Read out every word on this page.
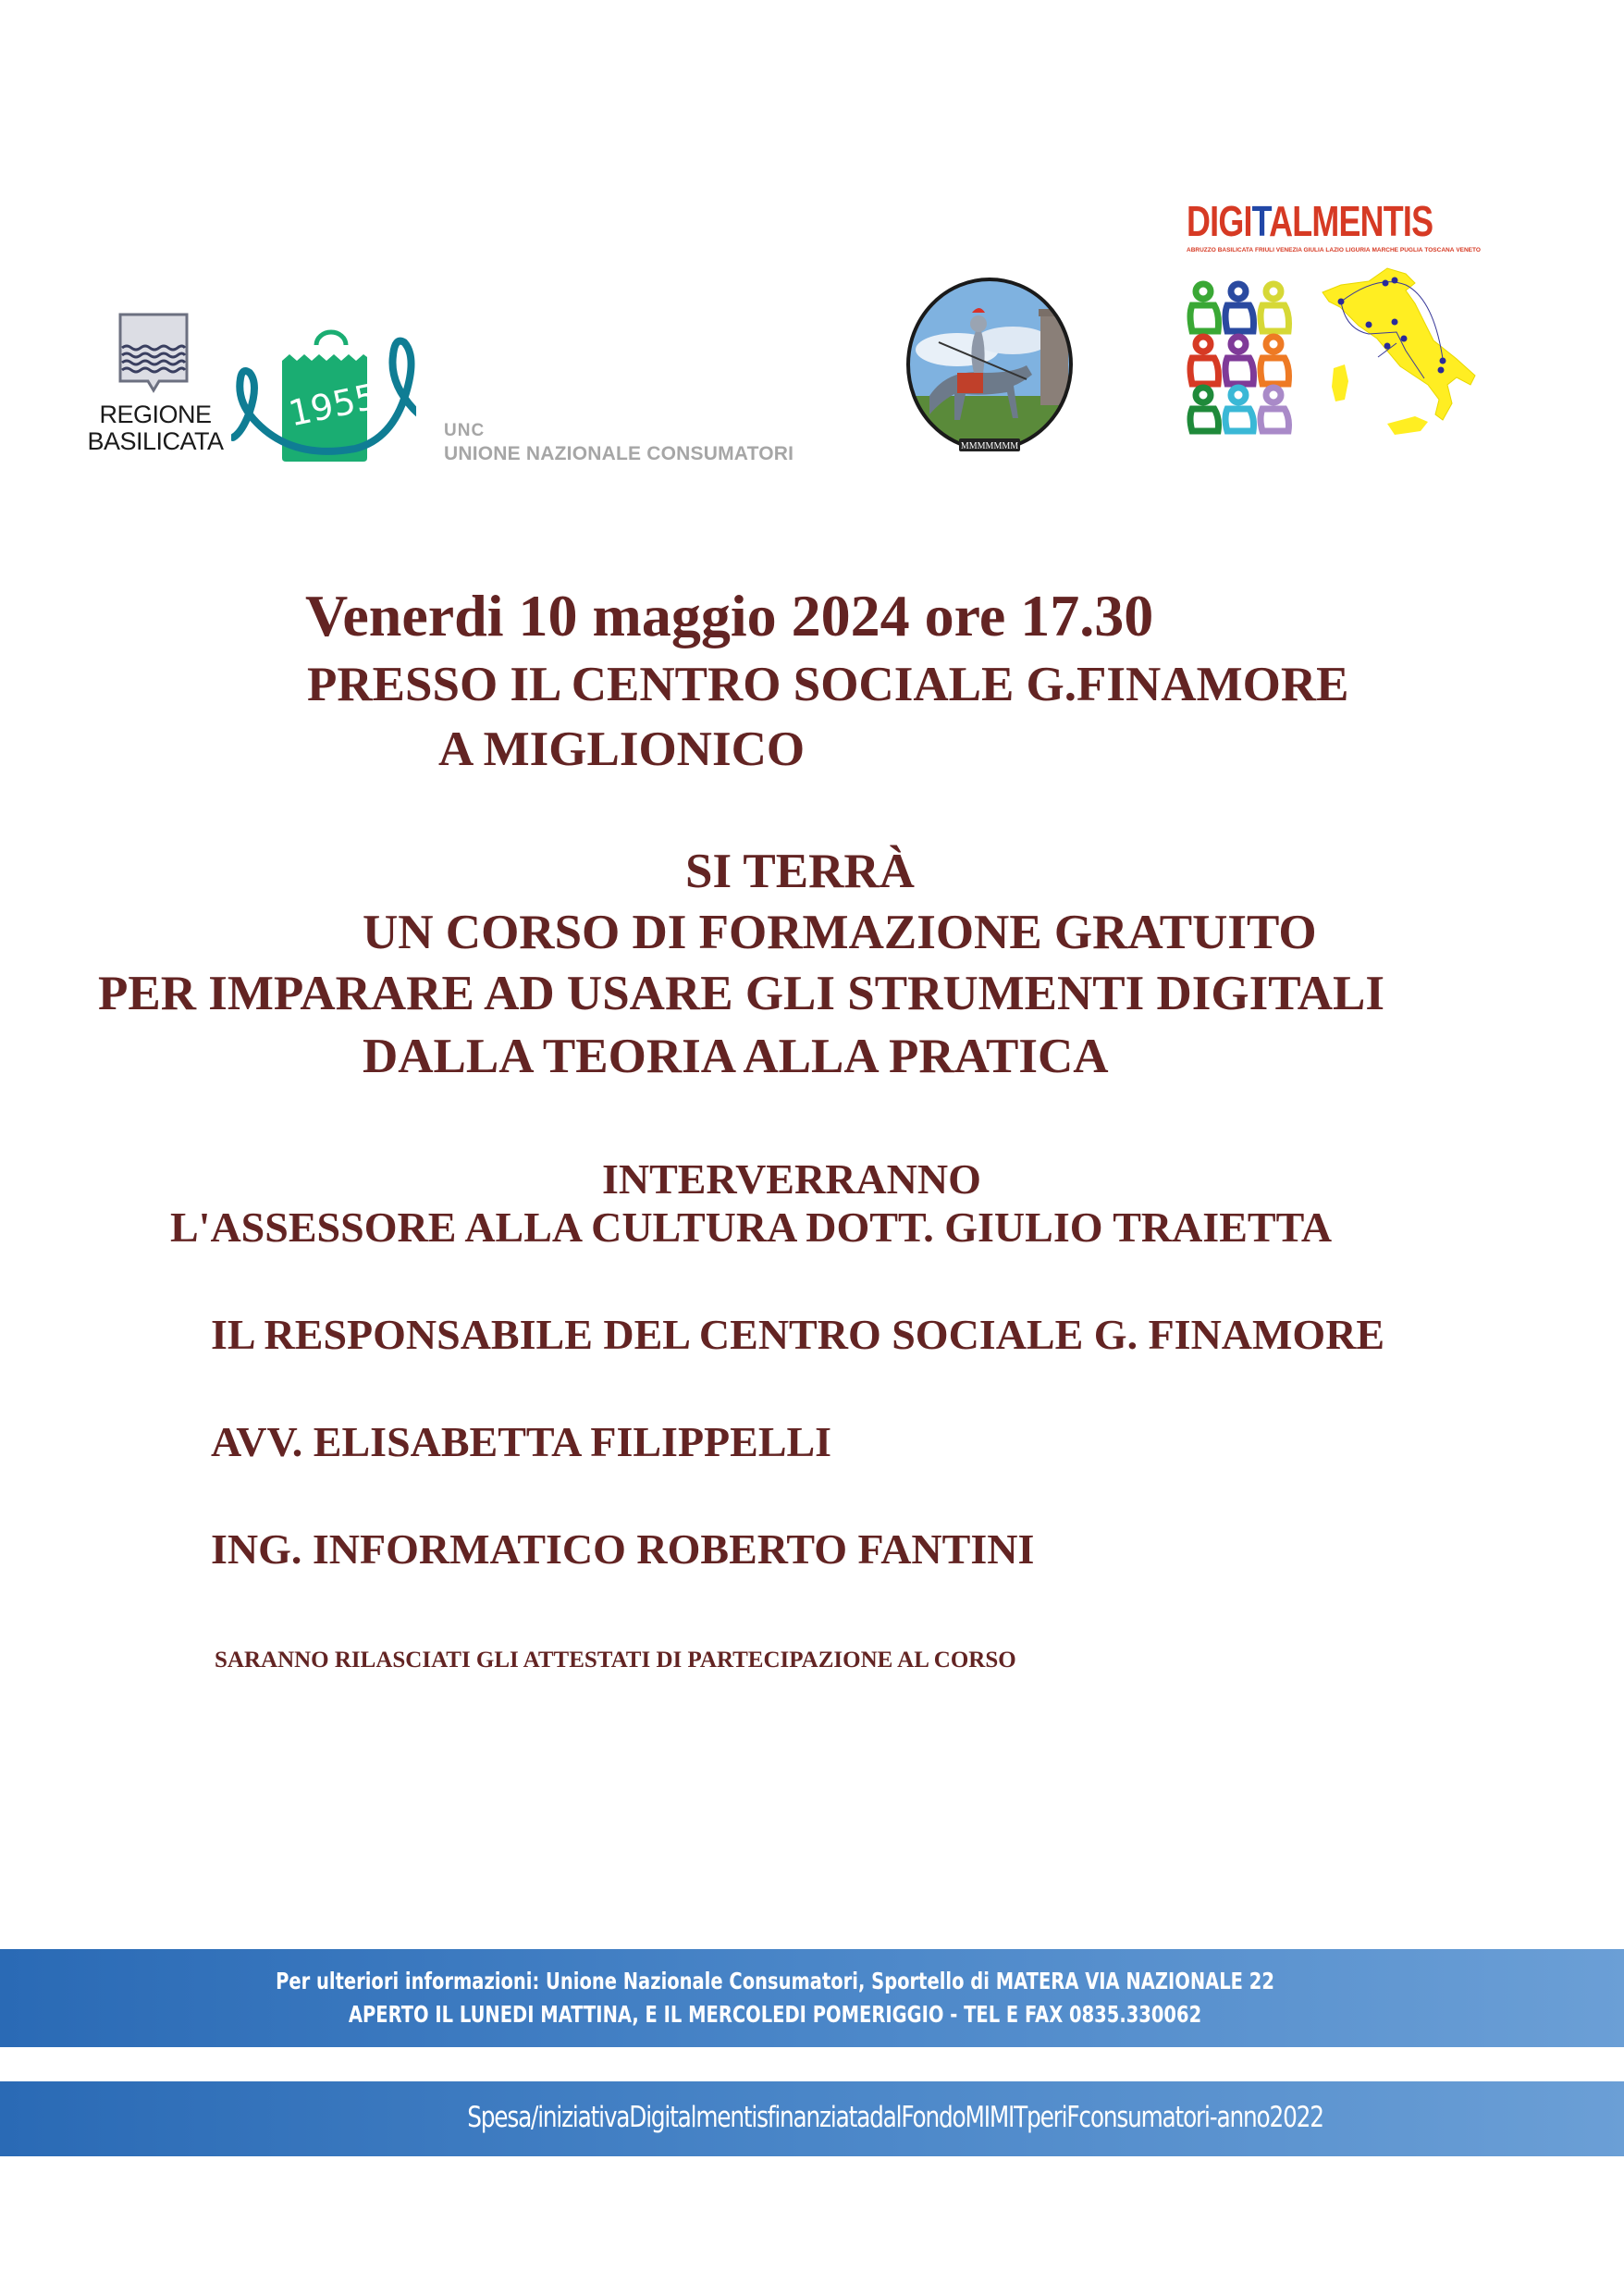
REGIONE
BASILICATA
1955	UNC
UNIONE NAZIONALE CONSUMATORI	MMMMMMM
DIGITALMENTIS
ABRUZZO BASILICATA FRIULI VENEZIA GIULIA LAZIO LIGURIA MARCHE PUGLIA TOSCANA VENETO
Venerdi 10 maggio 2024 ore 17.30
PRESSO IL CENTRO SOCIALE G.FINAMORE
A MIGLIONICO
SI TERRÀ
UN CORSO DI FORMAZIONE GRATUITO
PER IMPARARE AD USARE GLI STRUMENTI DIGITALI
DALLA TEORIA ALLA PRATICA
INTERVERRANNO
L'ASSESSORE ALLA CULTURA DOTT. GIULIO TRAIETTA
IL RESPONSABILE DEL CENTRO SOCIALE G. FINAMORE
AVV. ELISABETTA FILIPPELLI
ING. INFORMATICO ROBERTO FANTINI
SARANNO RILASCIATI GLI ATTESTATI DI PARTECIPAZIONE AL CORSO
Per ulteriori informazioni: Unione Nazionale Consumatori, Sportello di MATERA VIA NAZIONALE 22
APERTO IL LUNEDI MATTINA, E IL MERCOLEDI POMERIGGIO - TEL E FAX 0835.330062
Spesa/iniziativaDigitalmentisfinanziatadalFondoMIMITperiFconsumatori-anno2022
